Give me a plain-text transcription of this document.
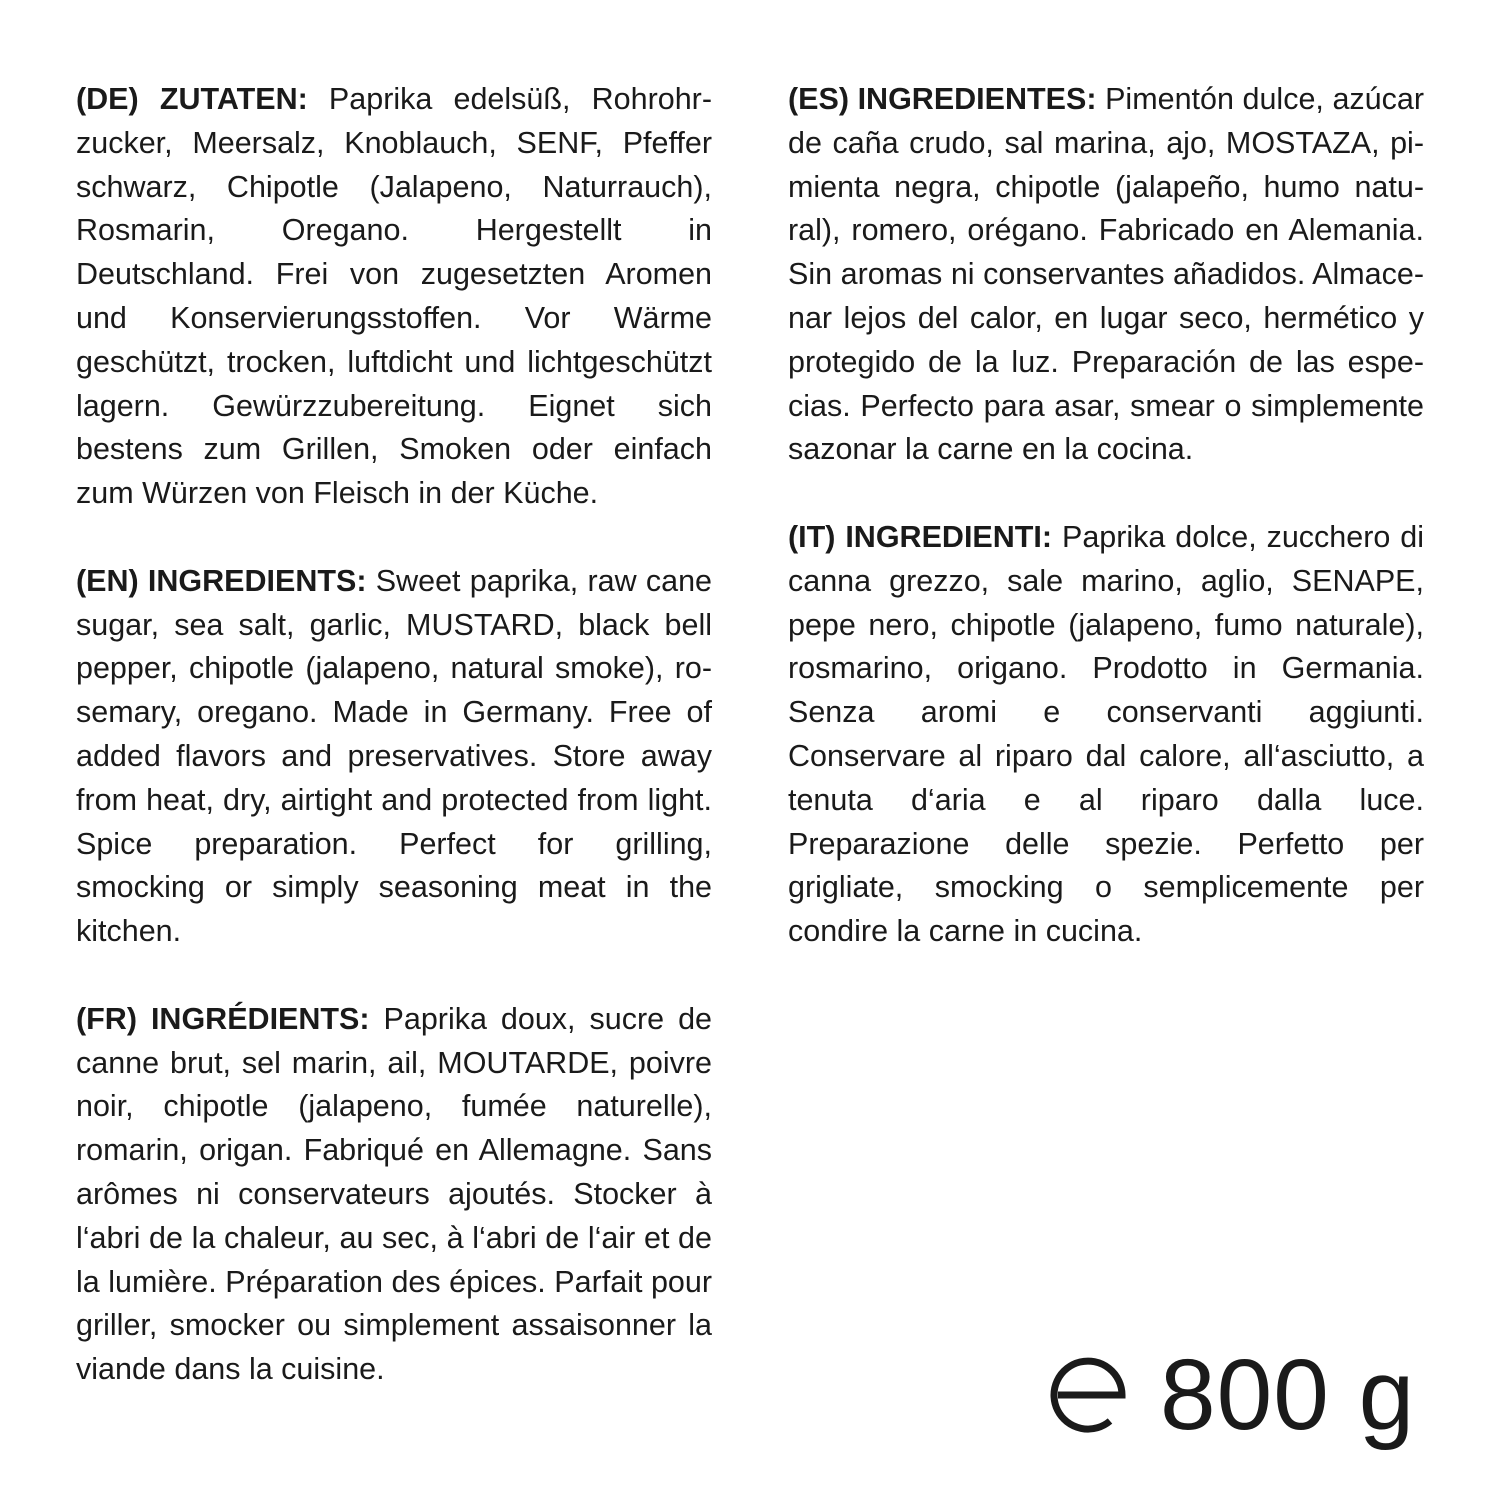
(DE) ZUTATEN: Paprika edelsüß, Rohrohrzucker, Meersalz, Knoblauch, SENF, Pfeffer schwarz, Chipotle (Jalapeno, Naturrauch), Rosmarin, Oregano. Hergestellt in Deutschland. Frei von zugesetzten Aromen und Konservierungsstoffen. Vor Wärme geschützt, trocken, luftdicht und lichtgeschützt lagern. Gewürzzubereitung. Eignet sich bestens zum Grillen, Smoken oder einfach zum Würzen von Fleisch in der Küche.

(EN) INGREDIENTS: Sweet paprika, raw cane sugar, sea salt, garlic, MUSTARD, black bell pepper, chipotle (jalapeno, natural smoke), rosemary, oregano. Made in Germany. Free of added flavors and preservatives. Store away from heat, dry, airtight and protected from light. Spice preparation. Perfect for grilling, smocking or simply seasoning meat in the kitchen.

(FR) INGRÉDIENTS: Paprika doux, sucre de canne brut, sel marin, ail, MOUTARDE, poivre noir, chipotle (jalapeno, fumée naturelle), romarin, origan. Fabriqué en Allemagne. Sans arômes ni conservateurs ajoutés. Stocker à l‘abri de la chaleur, au sec, à l‘abri de l‘air et de la lumière. Préparation des épices. Parfait pour griller, smocker ou simplement assaisonner la viande dans la cuisine.

(ES) INGREDIENTES: Pimentón dulce, azúcar de caña crudo, sal marina, ajo, MOSTAZA, pimienta negra, chipotle (jalapeño, humo natural), romero, orégano. Fabricado en Alemania. Sin aromas ni conservantes añadidos. Almacenar lejos del calor, en lugar seco, hermético y protegido de la luz. Preparación de las especias. Perfecto para asar, smear o simplemente sazonar la carne en la cocina.

(IT) INGREDIENTI: Paprika dolce, zucchero di canna grezzo, sale marino, aglio, SENAPE, pepe nero, chipotle (jalapeno, fumo naturale), rosmarino, origano. Prodotto in Germania. Senza aromi e conservanti aggiunti. Conservare al riparo dal calore, all‘asciutto, a tenuta d‘aria e al riparo dalla luce. Preparazione delle spezie. Perfetto per grigliate, smocking o semplicemente per condire la carne in cucina.

800 g
